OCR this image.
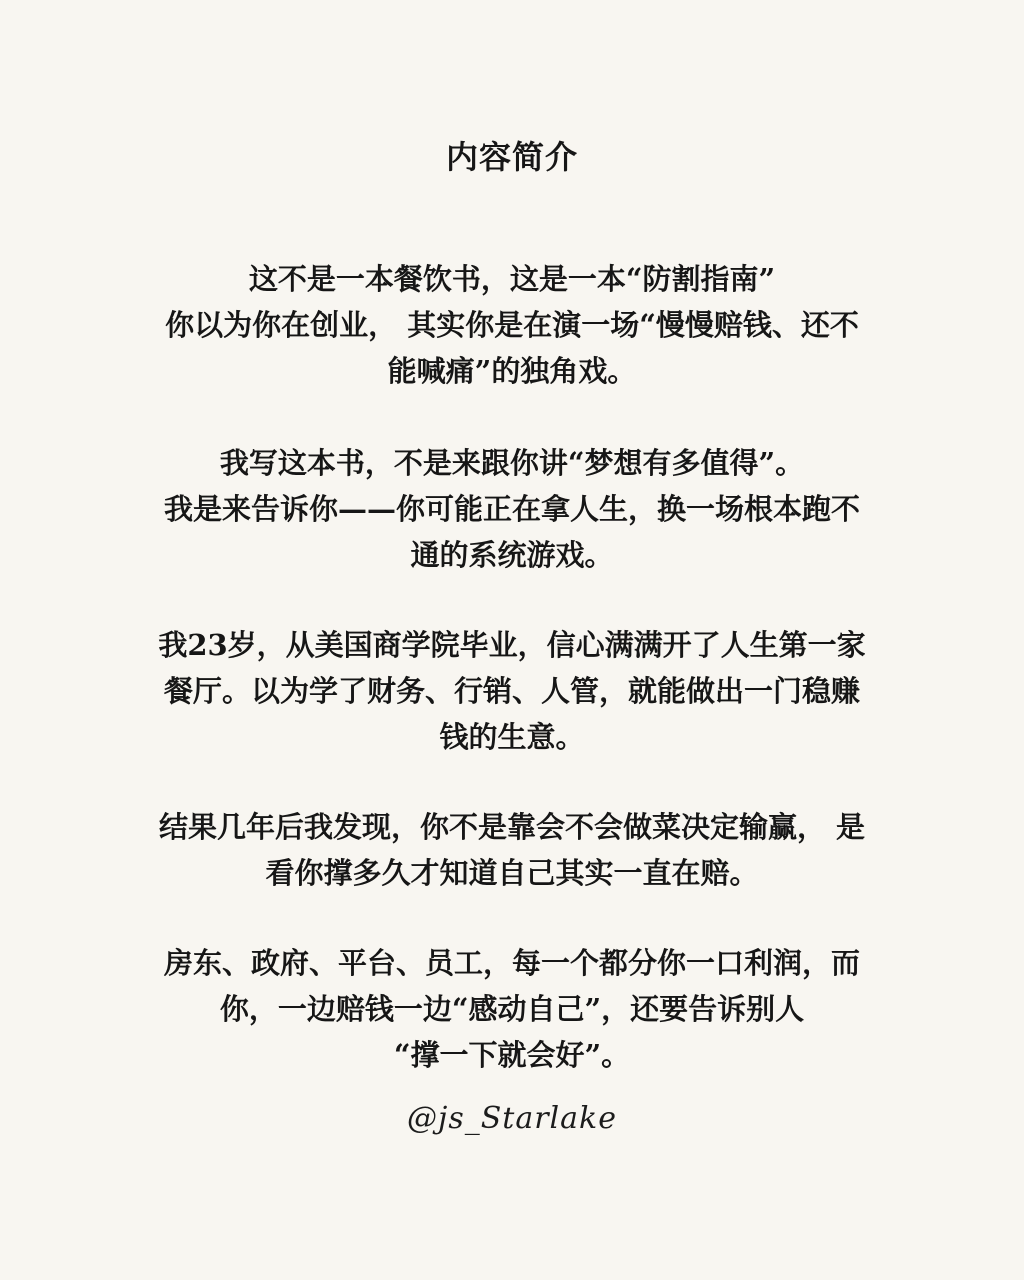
内容简介
这不是一本餐饮书，这是一本“防割指南”
你以为你在创业， 其实你是在演一场“慢慢赔钱、还不
能喊痛”的独角戏。
我写这本书，不是来跟你讲“梦想有多值得”。
我是来告诉你——你可能正在拿人生，换一场根本跑不
通的系统游戏。
我23岁，从美国商学院毕业，信心满满开了人生第一家
餐厅。以为学了财务、行销、人管，就能做出一门稳赚
钱的生意。
结果几年后我发现，你不是靠会不会做菜决定输赢， 是
看你撑多久才知道自己其实一直在赔。
房东、政府、平台、员工，每一个都分你一口利润，而
你，一边赔钱一边“感动自己”，还要告诉别人
“撑一下就会好”。
@js_Starlake
